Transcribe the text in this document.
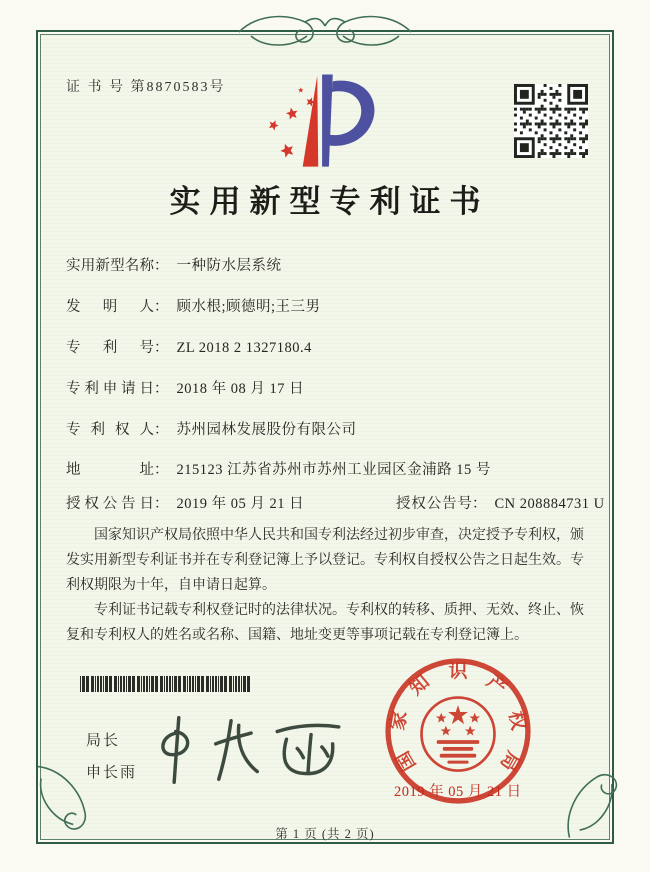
证 书 号 第8870583号
实用新型专利证书
实用新型名称： 一种防水层系统
发明人： 顾水根;顾德明;王三男
专利号： ZL 2018 2 1327180.4
专利申请日： 2018 年 08 月 17 日
专利权人： 苏州园林发展股份有限公司
地址： 215123 江苏省苏州市苏州工业园区金浦路 15 号
授权公告日： 2019 年 05 月 21 日	授权公告号： CN 208884731 U

国家知识产权局依照中华人民共和国专利法经过初步审查，决定授予专利权，颁发实用新型专利证书并在专利登记簿上予以登记。专利权自授权公告之日起生效。专利权期限为十年，自申请日起算。

专利证书记载专利权登记时的法律状况。专利权的转移、质押、无效、终止、恢复和专利权人的姓名或名称、国籍、地址变更等事项记载在专利登记簿上。

局长
申长雨	国
家
知 识 产
权
局
2019 年 05 月 21 日
第 1 页 (共 2 页)
